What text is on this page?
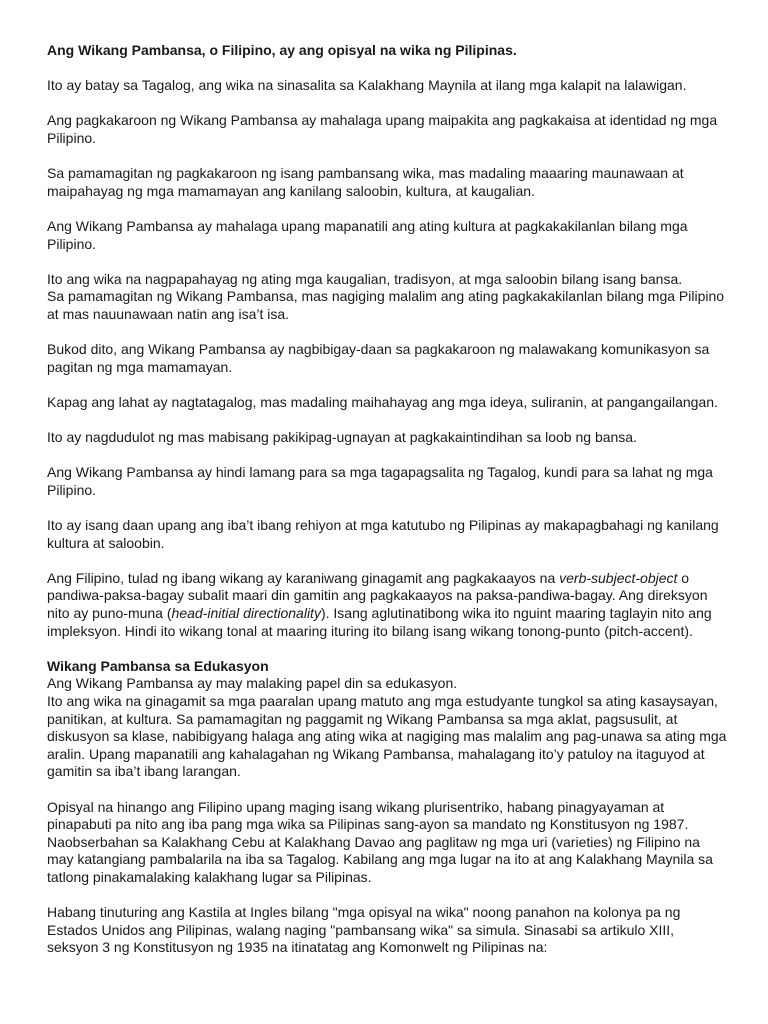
Ang Wikang Pambansa, o Filipino, ay ang opisyal na wika ng Pilipinas.

Ito ay batay sa Tagalog, ang wika na sinasalita sa Kalakhang Maynila at ilang mga kalapit na lalawigan.

Ang pagkakaroon ng Wikang Pambansa ay mahalaga upang maipakita ang pagkakaisa at identidad ng mga Pilipino.

Sa pamamagitan ng pagkakaroon ng isang pambansang wika, mas madaling maaaring maunawaan at maipahayag ng mga mamamayan ang kanilang saloobin, kultura, at kaugalian.

Ang Wikang Pambansa ay mahalaga upang mapanatili ang ating kultura at pagkakakilanlan bilang mga Pilipino.

Ito ang wika na nagpapahayag ng ating mga kaugalian, tradisyon, at mga saloobin bilang isang bansa.

Sa pamamagitan ng Wikang Pambansa, mas nagiging malalim ang ating pagkakakilanlan bilang mga Pilipino at mas nauunawaan natin ang isa’t isa.

Bukod dito, ang Wikang Pambansa ay nagbibigay-daan sa pagkakaroon ng malawakang komunikasyon sa pagitan ng mga mamamayan.

Kapag ang lahat ay nagtatagalog, mas madaling maihahayag ang mga ideya, suliranin, at pangangailangan.

Ito ay nagdudulot ng mas mabisang pakikipag-ugnayan at pagkakaintindihan sa loob ng bansa.

Ang Wikang Pambansa ay hindi lamang para sa mga tagapagsalita ng Tagalog, kundi para sa lahat ng mga Pilipino.

Ito ay isang daan upang ang iba’t ibang rehiyon at mga katutubo ng Pilipinas ay makapagbahagi ng kanilang kultura at saloobin.

Ang Filipino, tulad ng ibang wikang ay karaniwang ginagamit ang pagkakaayos na verb-subject-object o pandiwa-paksa-bagay subalit maari din gamitin ang pagkakaayos na paksa-pandiwa-bagay. Ang direksyon nito ay puno-muna (head-initial directionality). Isang aglutinatibong wika ito nguint maaring taglayin nito ang impleksyon. Hindi ito wikang tonal at maaring ituring ito bilang isang wikang tonong-punto (pitch-accent).

Wikang Pambansa sa Edukasyon

Ang Wikang Pambansa ay may malaking papel din sa edukasyon.

Ito ang wika na ginagamit sa mga paaralan upang matuto ang mga estudyante tungkol sa ating kasaysayan, panitikan, at kultura. Sa pamamagitan ng paggamit ng Wikang Pambansa sa mga aklat, pagsusulit, at diskusyon sa klase, nabibigyang halaga ang ating wika at nagiging mas malalim ang pag-unawa sa ating mga aralin. Upang mapanatili ang kahalagahan ng Wikang Pambansa, mahalagang ito’y patuloy na itaguyod at gamitin sa iba’t ibang larangan.

Opisyal na hinango ang Filipino upang maging isang wikang plurisentriko, habang pinagyayaman at pinapabuti pa nito ang iba pang mga wika sa Pilipinas sang-ayon sa mandato ng Konstitusyon ng 1987. Naobserbahan sa Kalakhang Cebu at Kalakhang Davao ang paglitaw ng mga uri (varieties) ng Filipino na may katangiang pambalarila na iba sa Tagalog. Kabilang ang mga lugar na ito at ang Kalakhang Maynila sa tatlong pinakamalaking kalakhang lugar sa Pilipinas.

Habang tinuturing ang Kastila at Ingles bilang "mga opisyal na wika" noong panahon na kolonya pa ng Estados Unidos ang Pilipinas, walang naging "pambansang wika" sa simula. Sinasabi sa artikulo XIII, seksyon 3 ng Konstitusyon ng 1935 na itinatatag ang Komonwelt ng Pilipinas na:
